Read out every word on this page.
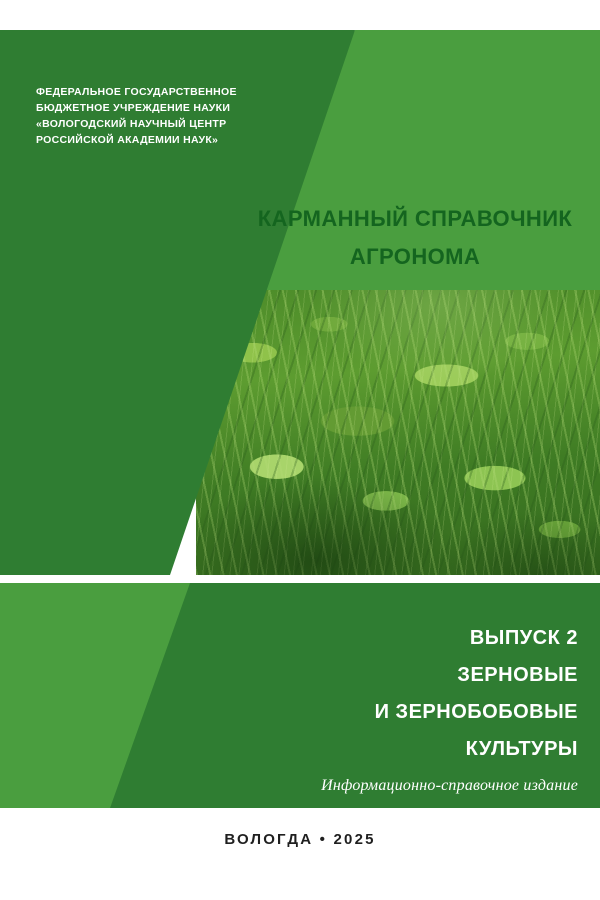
ФЕДЕРАЛЬНОЕ ГОСУДАРСТВЕННОЕ
БЮДЖЕТНОЕ УЧРЕЖДЕНИЕ НАУКИ
«ВОЛОГОДСКИЙ НАУЧНЫЙ ЦЕНТР
РОССИЙСКОЙ АКАДЕМИИ НАУК»
КАРМАННЫЙ СПРАВОЧНИК
АГРОНОМА
ВЫПУСК 2
ЗЕРНОВЫЕ
И ЗЕРНОБОБОВЫЕ
КУЛЬТУРЫ
Информационно-справочное издание
ВОЛОГДА • 2025
